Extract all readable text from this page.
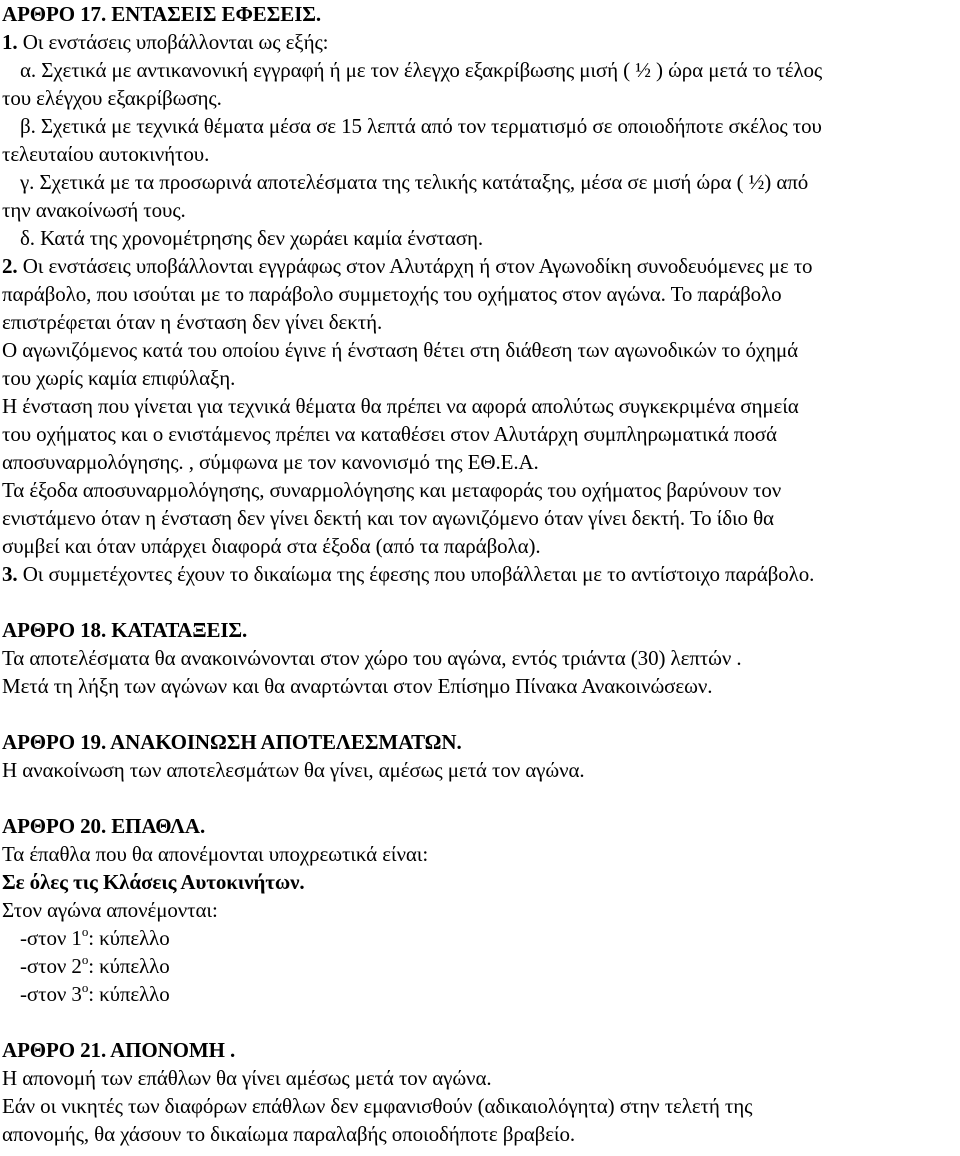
ΑΡΘΡΟ 17. ΕΝΤΑΣΕΙΣ ΕΦΕΣΕΙΣ.

1. Οι ενστάσεις υποβάλλονται ως εξής:

α. Σχετικά με αντικανονική εγγραφή ή με τον έλεγχο εξακρίβωσης μισή ( ½ ) ώρα μετά το τέλος

του ελέγχου εξακρίβωσης.

β. Σχετικά με τεχνικά θέματα μέσα σε 15 λεπτά από τον τερματισμό σε οποιοδήποτε σκέλος του

τελευταίου αυτοκινήτου.

γ. Σχετικά με τα προσωρινά αποτελέσματα της τελικής κατάταξης, μέσα σε μισή ώρα ( ½) από

την ανακοίνωσή τους.

δ. Κατά της χρονομέτρησης δεν χωράει καμία ένσταση.

2. Οι ενστάσεις υποβάλλονται εγγράφως στον Αλυτάρχη ή στον Αγωνοδίκη συνοδευόμενες με το

παράβολο, που ισούται με το παράβολο συμμετοχής του οχήματος στον αγώνα. Το παράβολο

επιστρέφεται όταν η ένσταση δεν γίνει δεκτή.

Ο αγωνιζόμενος κατά του οποίου έγινε ή ένσταση θέτει στη διάθεση των αγωνοδικών το όχημά

του χωρίς καμία επιφύλαξη.

Η ένσταση που γίνεται για τεχνικά θέματα θα πρέπει να αφορά απολύτως συγκεκριμένα σημεία

του οχήματος και ο ενιστάμενος πρέπει να καταθέσει στον Αλυτάρχη συμπληρωματικά ποσά

αποσυναρμολόγησης. , σύμφωνα με τον κανονισμό της ΕΘ.Ε.Α.

Τα έξοδα αποσυναρμολόγησης, συναρμολόγησης και μεταφοράς του οχήματος βαρύνουν τον

ενιστάμενο όταν η ένσταση δεν γίνει δεκτή και τον αγωνιζόμενο όταν γίνει δεκτή. Το ίδιο θα

συμβεί και όταν υπάρχει διαφορά στα έξοδα (από τα παράβολα).

3. Οι συμμετέχοντες έχουν το δικαίωμα της έφεσης που υποβάλλεται με το αντίστοιχο παράβολο.

ΑΡΘΡΟ 18. ΚΑΤΑΤΑΞΕΙΣ.

Τα αποτελέσματα θα ανακοινώνονται στον χώρο του αγώνα, εντός τριάντα (30) λεπτών .

Μετά τη λήξη των αγώνων και θα αναρτώνται στον Επίσημο Πίνακα Ανακοινώσεων.

ΑΡΘΡΟ 19. ΑΝΑΚΟΙΝΩΣΗ ΑΠΟΤΕΛΕΣΜΑΤΩΝ.

Η ανακοίνωση των αποτελεσμάτων θα γίνει, αμέσως μετά τον αγώνα.

ΑΡΘΡΟ 20. ΕΠΑΘΛΑ.

Τα έπαθλα που θα απονέμονται υποχρεωτικά είναι:

Σε όλες τις Κλάσεις Αυτοκινήτων.

Στον αγώνα απονέμονται:

-στον $1^o$: κύπελλο

-στον $2^o$: κύπελλο

-στον $3^o$: κύπελλο

ΑΡΘΡΟ 21. ΑΠΟΝΟΜΗ .

Η απονομή των επάθλων θα γίνει αμέσως μετά τον αγώνα.

Εάν οι νικητές των διαφόρων επάθλων δεν εμφανισθούν (αδικαιολόγητα) στην τελετή της

απονομής, θα χάσουν το δικαίωμα παραλαβής οποιοδήποτε βραβείο.
